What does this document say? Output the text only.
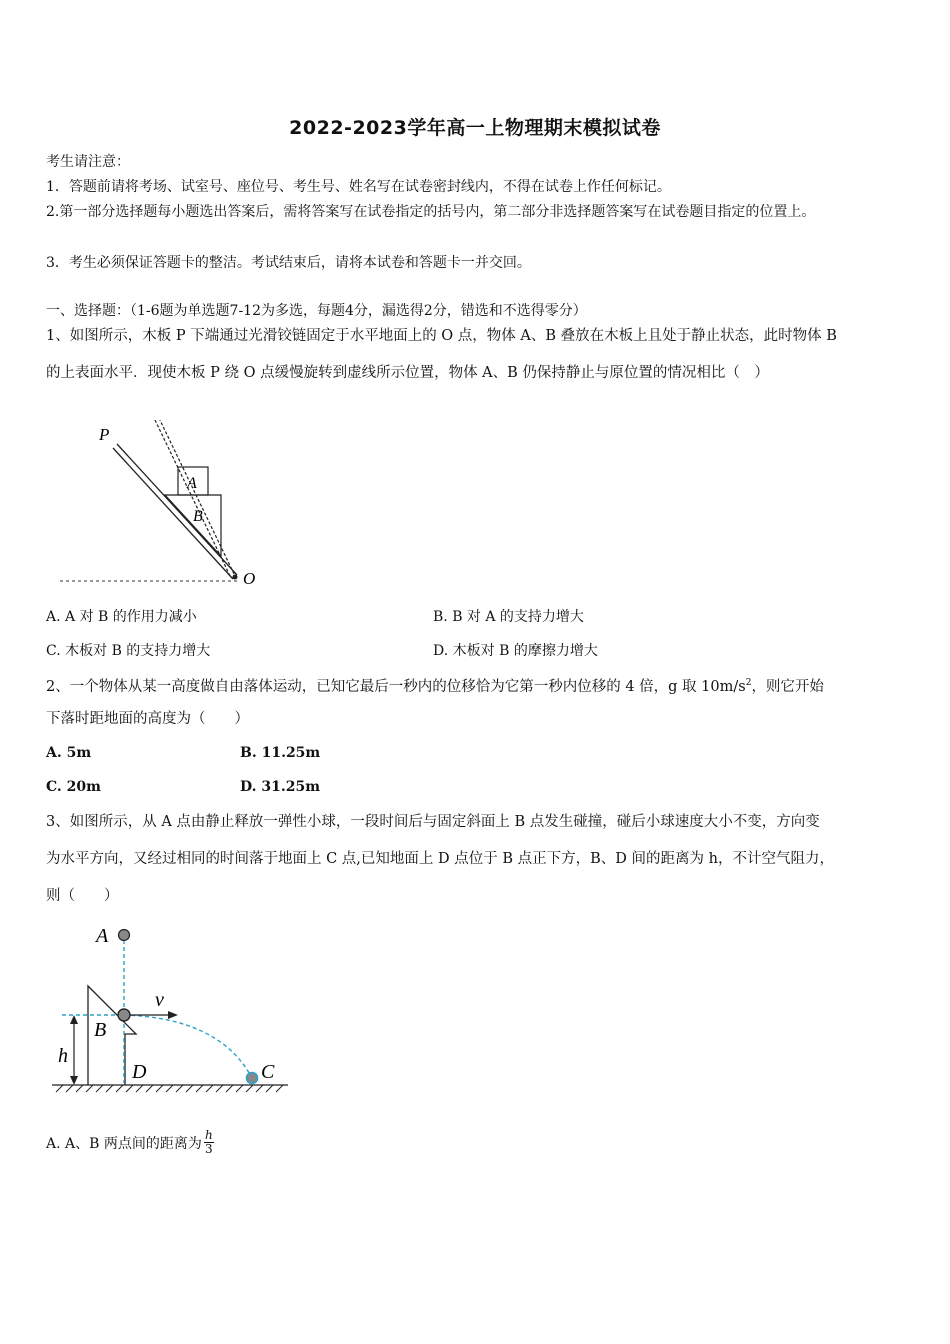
2022-2023学年高一上物理期末模拟试卷
考生请注意：
1．答题前请将考场、试室号、座位号、考生号、姓名写在试卷密封线内，不得在试卷上作任何标记。
2.第一部分选择题每小题选出答案后，需将答案写在试卷指定的括号内，第二部分非选择题答案写在试卷题目指定的位置上。
3．考生必须保证答题卡的整洁。考试结束后，请将本试卷和答题卡一并交回。
一、选择题：（1-6题为单选题7-12为多选，每题4分，漏选得2分，错选和不选得零分）
1、如图所示，木板 P 下端通过光滑铰链固定于水平地面上的 O 点，物体 A、B 叠放在木板上且处于静止状态，此时物体 B
的上表面水平．现使木板 P 绕 O 点缓慢旋转到虚线所示位置，物体 A、B 仍保持静止与原位置的情况相比（　）
P
A
B
O
A. A 对 B 的作用力减小	B. B 对 A 的支持力增大
C. 木板对 B 的支持力增大	D. 木板对 B 的摩擦力增大
2、一个物体从某一高度做自由落体运动，已知它最后一秒内的位移恰为它第一秒内位移的 4 倍，g 取 $10m/s^2$，则它开始
下落时距地面的高度为（　　）
A. 5m	B. 11.25m
C. 20m	D. 31.25m
3、如图所示，从 A 点由静止释放一弹性小球，一段时间后与固定斜面上 B 点发生碰撞，碰后小球速度大小不变，方向变
为水平方向，又经过相同的时间落于地面上 C 点,已知地面上 D 点位于 B 点正下方，B、D 间的距离为 h，不计空气阻力，
则（　　）
A
B
D	C
h
v
A. A、B 两点间的距离为 $\frac{h}{3}$
